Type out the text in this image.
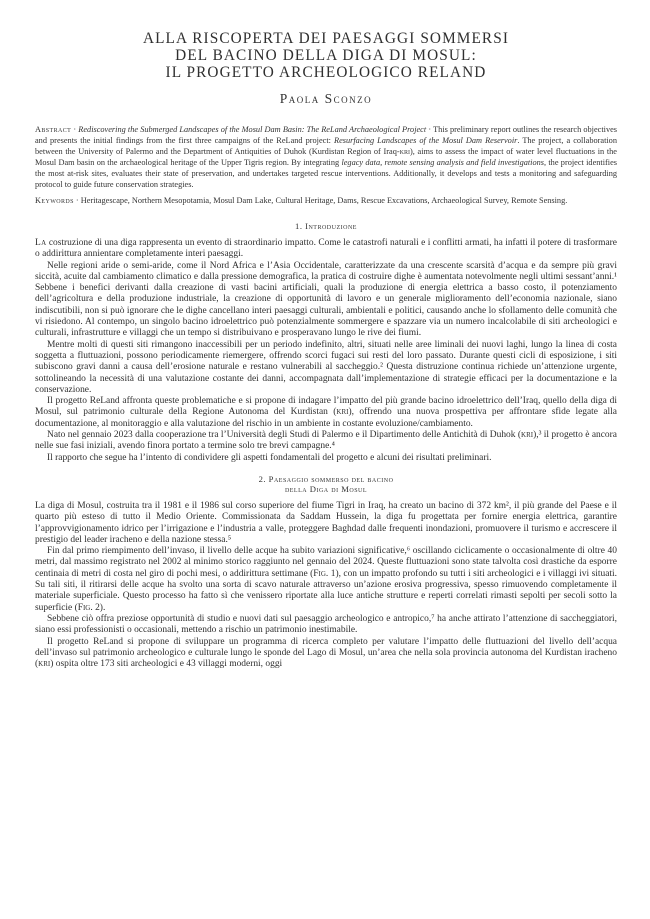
ALLA RISCOPERTA DEI PAESAGGI SOMMERSI
DEL BACINO DELLA DIGA DI MOSUL:
IL PROGETTO ARCHEOLOGICO RELAND
Paola Sconzo
Abstract · Rediscovering the Submerged Landscapes of the Mosul Dam Basin: The ReLand Archaeological Project · This preliminary report outlines the research objectives and presents the initial findings from the first three campaigns of the ReLand project: Resurfacing Landscapes of the Mosul Dam Reservoir. The project, a collaboration between the University of Palermo and the Department of Antiquities of Duhok (Kurdistan Region of Iraq-kri), aims to assess the impact of water level fluctuations in the Mosul Dam basin on the archaeological heritage of the Upper Tigris region. By integrating legacy data, remote sensing analysis and field investigations, the project identifies the most at-risk sites, evaluates their state of preservation, and undertakes targeted rescue interventions. Additionally, it develops and tests a monitoring and safeguarding protocol to guide future conservation strategies.
Keywords · Heritagescape, Northern Mesopotamia, Mosul Dam Lake, Cultural Heritage, Dams, Rescue Excavations, Archaeological Survey, Remote Sensing.
1. Introduzione

La costruzione di una diga rappresenta un evento di straordinario impatto. Come le catastrofi naturali e i conflitti armati, ha infatti il potere di trasformare o addirittura annientare completamente interi paesaggi.

Nelle regioni aride o semi-aride, come il Nord Africa e l’Asia Occidentale, caratterizzate da una crescente scarsità d’acqua e da sempre più gravi siccità, acuite dal cambiamento climatico e dalla pressione demografica, la pratica di costruire dighe è aumentata notevolmente negli ultimi sessant’anni.¹ Sebbene i benefici derivanti dalla creazione di vasti bacini artificiali, quali la produzione di energia elettrica a basso costo, il potenziamento dell’agricoltura e della produzione industriale, la creazione di opportunità di lavoro e un generale miglioramento dell’economia nazionale, siano indiscutibili, non si può ignorare che le dighe cancellano interi paesaggi culturali, ambientali e politici, causando anche lo sfollamento delle comunità che vi risiedono. Al contempo, un singolo bacino idroelettrico può potenzialmente sommergere e spazzare via un numero incalcolabile di siti archeologici e culturali, infrastrutture e villaggi che un tempo si distribuivano e prosperavano lungo le rive dei fiumi.

Mentre molti di questi siti rimangono inaccessibili per un periodo indefinito, altri, situati nelle aree liminali dei nuovi laghi, lungo la linea di costa soggetta a fluttuazioni, possono periodicamente riemergere, offrendo scorci fugaci sui resti del loro passato. Durante questi cicli di esposizione, i siti subiscono gravi danni a causa dell’erosione naturale e restano vulnerabili al saccheggio.² Questa distruzione continua richiede un’attenzione urgente, sottolineando la necessità di una valutazione costante dei danni, accompagnata dall’implementazione di strategie efficaci per la documentazione e la conservazione.

Il progetto ReLand affronta queste problematiche e si propone di indagare l’impatto del più grande bacino idroelettrico dell’Iraq, quello della diga di Mosul, sul patrimonio culturale della Regione Autonoma del Kurdistan (kri), offrendo una nuova prospettiva per affrontare sfide legate alla documentazione, al monitoraggio e alla valutazione del rischio in un ambiente in costante evoluzione/cambiamento.

Nato nel gennaio 2023 dalla cooperazione tra l’Università degli Studi di Palermo e il Dipartimento delle Antichità di Duhok (kri),³ il progetto è ancora nelle sue fasi iniziali, avendo finora portato a termine solo tre brevi campagne.⁴

Il rapporto che segue ha l’intento di condividere gli aspetti fondamentali del progetto e alcuni dei risultati preliminari.

2. Paesaggio sommerso del bacino
della Diga di Mosul

La diga di Mosul, costruita tra il 1981 e il 1986 sul corso superiore del fiume Tigri in Iraq, ha creato un bacino di 372 km², il più grande del Paese e il quarto più esteso di tutto il Medio Oriente. Commissionata da Saddam Hussein, la diga fu progettata per fornire energia elettrica, garantire l’approvvigionamento idrico per l’irrigazione e l’industria a valle, proteggere Baghdad dalle frequenti inondazioni, promuovere il turismo e accrescere il prestigio del leader iracheno e della nazione stessa.⁵

Fin dal primo riempimento dell’invaso, il livello delle acque ha subito variazioni significative,⁶ oscillando ciclicamente o occasionalmente di oltre 40 metri, dal massimo registrato nel 2002 al minimo storico raggiunto nel gennaio del 2024. Queste fluttuazioni sono state talvolta così drastiche da esporre centinaia di metri di costa nel giro di pochi mesi, o addirittura settimane (Fig. 1), con un impatto profondo su tutti i siti archeologici e i villaggi ivi situati. Su tali siti, il ritirarsi delle acque ha svolto una sorta di scavo naturale attraverso un’azione erosiva progressiva, spesso rimuovendo completamente il materiale superficiale. Questo processo ha fatto sì che venissero riportate alla luce antiche strutture e reperti correlati rimasti sepolti per secoli sotto la superficie (Fig. 2).

Sebbene ciò offra preziose opportunità di studio e nuovi dati sul paesaggio archeologico e antropico,⁷ ha anche attirato l’attenzione di saccheggiatori, siano essi professionisti o occasionali, mettendo a rischio un patrimonio inestimabile.

Il progetto ReLand si propone di sviluppare un programma di ricerca completo per valutare l’impatto delle fluttuazioni del livello dell’acqua dell’invaso sul patrimonio archeologico e culturale lungo le sponde del Lago di Mosul, un’area che nella sola provincia autonoma del Kurdistan iracheno (kri) ospita oltre 173 siti archeologici e 43 villaggi moderni, oggi
